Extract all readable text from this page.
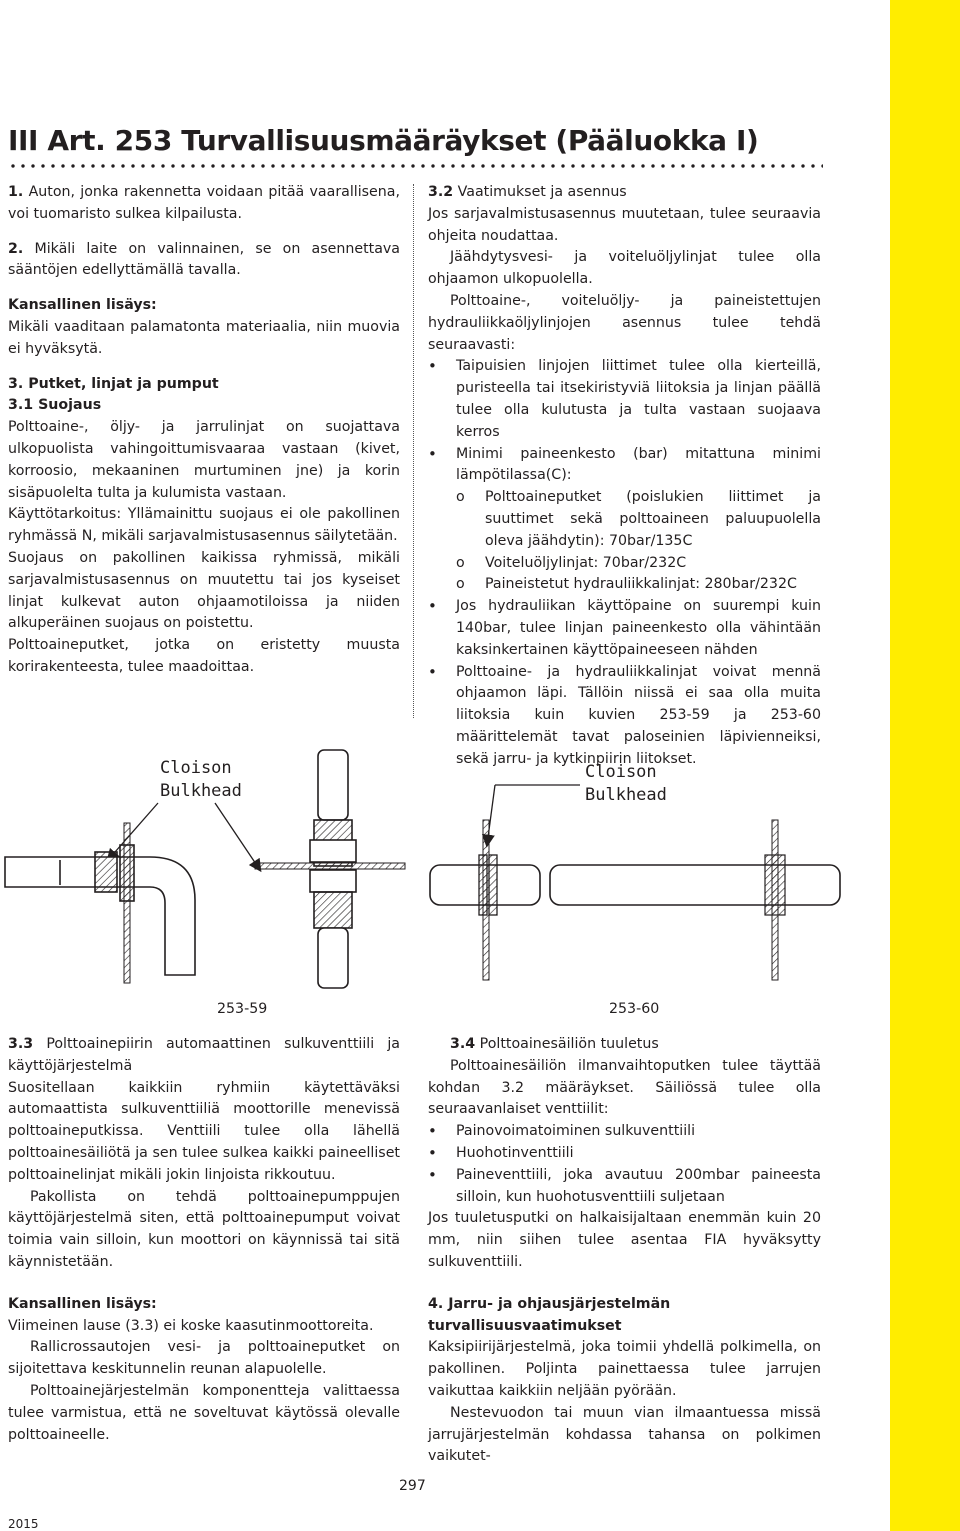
III Art. 253 Turvallisuusmääräykset (Pääluokka I)

1. Auton, jonka rakennetta voidaan pitää vaarallisena, voi tuomaristo sulkea kilpailusta.

2. Mikäli laite on valinnainen, se on asennettava sääntöjen edellyttämällä tavalla.

Kansallinen lisäys:

Mikäli vaaditaan palamatonta materiaalia, niin muovia ei hyväksytä.

3. Putket, linjat ja pumput

3.1 Suojaus

Polttoaine-, öljy- ja jarrulinjat on suojattava ulkopuolista vahingoittumisvaaraa vastaan (kivet, korroosio, mekaaninen murtuminen jne) ja korin sisäpuolelta tulta ja kulumista vastaan.

Käyttötarkoitus: Yllämainittu suojaus ei ole pakollinen ryhmässä N, mikäli sarjavalmistusasennus säilytetään.

Suojaus on pakollinen kaikissa ryhmissä, mikäli sarjavalmistusasennus on muutettu tai jos kyseiset linjat kulkevat auton ohjaamotiloissa ja niiden alkuperäinen suojaus on poistettu.

Polttoaineputket, jotka on eristetty muusta korirakenteesta, tulee maadoittaa.

3.2 Vaatimukset ja asennus

Jos sarjavalmistusasennus muutetaan, tulee seuraavia ohjeita noudattaa.

Jäähdytysvesi- ja voiteluöljylinjat tulee olla ohjaamon ulkopuolella.

Polttoaine-, voiteluöljy- ja paineistettujen hydrauliikkaöljylinjojen asennus tulee tehdä seuraavasti:

• Taipuisien linjojen liittimet tulee olla kierteillä, puristeella tai itsekiristyviä liitoksia ja linjan päällä tulee olla kulutusta ja tulta vastaan suojaava kerros
• Minimi paineenkesto (bar) mitattuna minimi lämpötilassa(C):
o Polttoaineputket (poislukien liittimet ja suuttimet sekä polttoaineen paluupuolella oleva jäähdytin): 70bar/135C
o Voiteluöljylinjat: 70bar/232C
o Paineistetut hydrauliikkalinjat: 280bar/232C
• Jos hydrauliikan käyttöpaine on suurempi kuin 140bar, tulee linjan paineenkesto olla vähintään kaksinkertainen käyttöpaineeseen nähden
• Polttoaine- ja hydrauliikkalinjat voivat mennä ohjaamon läpi. Tällöin niissä ei saa olla muita liitoksia kuin kuvien 253-59 ja 253-60 määrittelemät tavat paloseinien läpivienneiksi, sekä jarru- ja kytkinpiirin liitokset.
Cloison
Bulkhead
253-59
Cloison
Bulkhead
253-60

3.3 Polttoainepiirin automaattinen sulkuventtiili ja käyttöjärjestelmä

Suositellaan kaikkiin ryhmiin käytettäväksi automaattista sulkuventtiiliä moottorille menevissä polttoaineputkissa. Venttiili tulee olla lähellä polttoainesäiliötä ja sen tulee sulkea kaikki paineelliset polttoainelinjat mikäli jokin linjoista rikkoutuu.

Pakollista on tehdä polttoainepumppujen käyttöjärjestelmä siten, että polttoainepumput voivat toimia vain silloin, kun moottori on käynnissä tai sitä käynnistetään.

Kansallinen lisäys:

Viimeinen lause (3.3) ei koske kaasutinmoottoreita.

Rallicrossautojen vesi- ja polttoaineputket on sijoitettava keskitunnelin reunan alapuolelle.

Polttoainejärjestelmän komponentteja valittaessa tulee varmistua, että ne soveltuvat käytössä olevalle polttoaineelle.

3.4 Polttoainesäiliön tuuletus

Polttoainesäiliön ilmanvaihtoputken tulee täyttää kohdan 3.2 määräykset. Säiliössä tulee olla seuraavanlaiset venttiilit:

• Painovoimatoiminen sulkuventtiili
• Huohotinventtiili
• Paineventtiili, joka avautuu 200mbar paineesta silloin, kun huohotusventtiili suljetaan

Jos tuuletusputki on halkaisijaltaan enemmän kuin 20 mm, niin siihen tulee asentaa FIA hyväksytty sulkuventtiili.

4. Jarru- ja ohjausjärjestelmän turvallisuusvaatimukset

Kaksipiirijärjestelmä, joka toimii yhdellä polkimella, on pakollinen. Poljinta painettaessa tulee jarrujen vaikuttaa kaikkiin neljään pyörään.

Nestevuodon tai muun vian ilmaantuessa missä jarrujärjestelmän kohdassa tahansa on polkimen vaikutet-

297
2015
